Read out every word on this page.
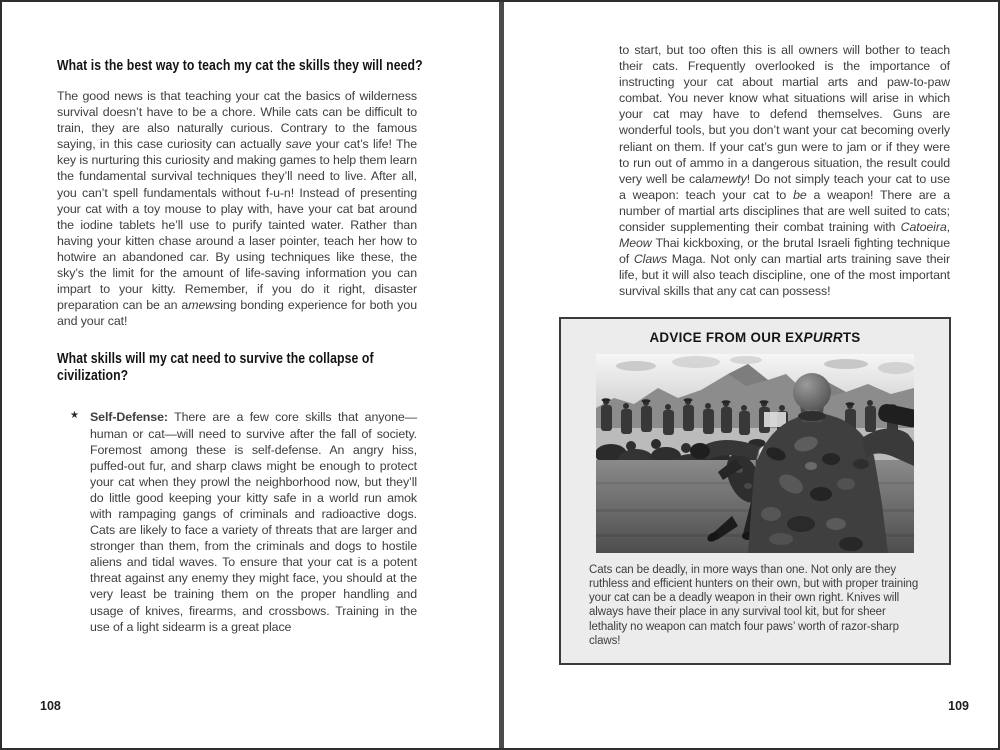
What is the best way to teach my cat the skills they will need?

The good news is that teaching your cat the basics of wilderness survival doesn’t have to be a chore. While cats can be difficult to train, they are also naturally curious. Contrary to the famous saying, in this case curiosity can actually save your cat’s life! The key is nurturing this curiosity and making games to help them learn the fundamental survival techniques they’ll need to live. After all, you can’t spell fundamentals without f-u-n! Instead of presenting your cat with a toy mouse to play with, have your cat bat around the iodine tablets he’ll use to purify tainted water. Rather than having your kitten chase around a laser pointer, teach her how to hotwire an abandoned car. By using techniques like these, the sky’s the limit for the amount of life-saving information you can impart to your kitty. Remember, if you do it right, disaster preparation can be an amewsing bonding experience for both you and your cat!

What skills will my cat need to survive the collapse of civilization?
★ Self-Defense: There are a few core skills that anyone—human or cat—will need to survive after the fall of society. Foremost among these is self-defense. An angry hiss, puffed-out fur, and sharp claws might be enough to protect your cat when they prowl the neighborhood now, but they’ll do little good keeping your kitty safe in a world run amok with rampaging gangs of criminals and radioactive dogs. Cats are likely to face a variety of threats that are larger and stronger than them, from the criminals and dogs to hostile aliens and tidal waves. To ensure that your cat is a potent threat against any enemy they might face, you should at the very least be training them on the proper handling and usage of knives, firearms, and crossbows. Training in the use of a light sidearm is a great place

108

to start, but too often this is all owners will bother to teach their cats. Frequently overlooked is the importance of instructing your cat about martial arts and paw-to-paw combat. You never know what situations will arise in which your cat may have to defend themselves. Guns are wonderful tools, but you don’t want your cat becoming overly reliant on them. If your cat’s gun were to jam or if they were to run out of ammo in a dangerous situation, the result could very well be calamewty! Do not simply teach your cat to use a weapon: teach your cat to be a weapon! There are a number of martial arts disciplines that are well suited to cats; consider supplementing their combat training with Catoeira, Meow Thai kickboxing, or the brutal Israeli fighting technique of Claws Maga. Not only can martial arts training save their life, but it will also teach discipline, one of the most important survival skills that any cat can possess!

ADVICE FROM OUR EXPURRTS

Cats can be deadly, in more ways than one. Not only are they ruthless and efficient hunters on their own, but with proper training your cat can be a deadly weapon in their own right. Knives will always have their place in any survival tool kit, but for sheer lethality no weapon can match four paws’ worth of razor-sharp claws!

109
